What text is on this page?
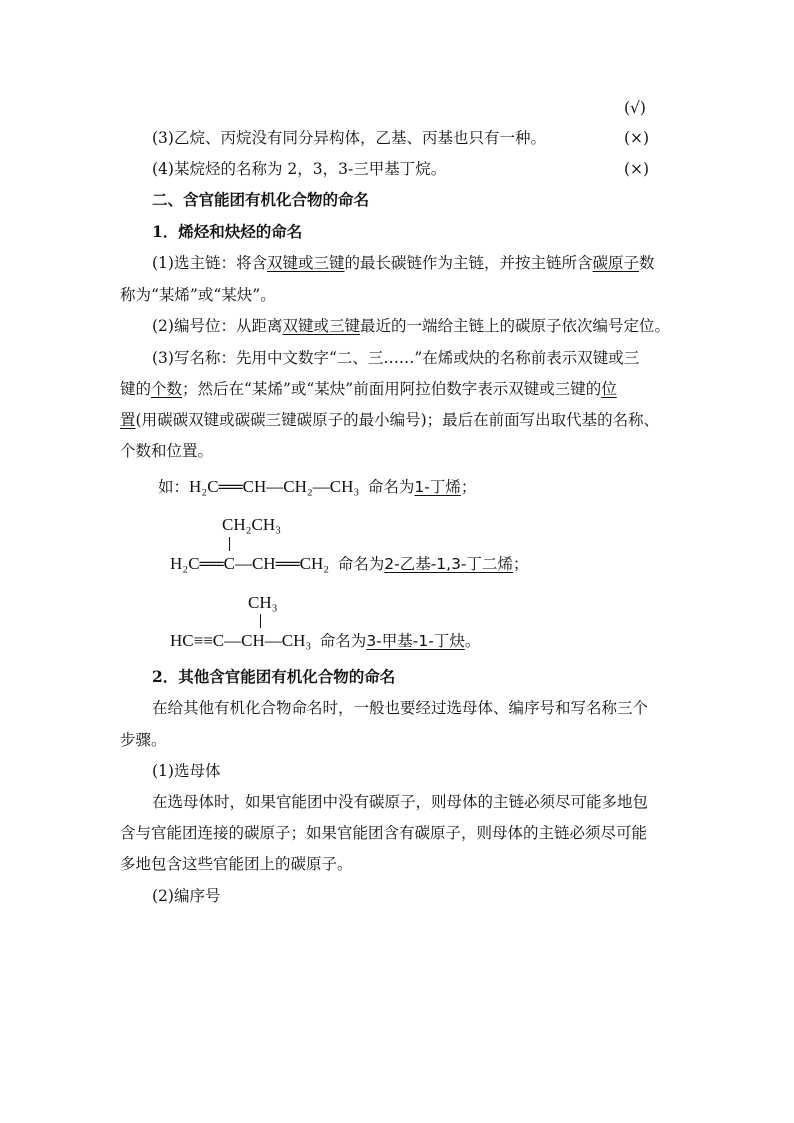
(√)
(3)乙烷、丙烷没有同分异构体，乙基、丙基也只有一种。	(×)
(4)某烷烃的名称为 2，3，3-三甲基丁烷。	(×)
二、含官能团有机化合物的命名
1．烯烃和炔烃的命名
(1)选主链：将含双键或三键的最长碳链作为主链，并按主链所含碳原子数
称为“某烯”或“某炔”。
(2)编号位：从距离双键或三键最近的一端给主链上的碳原子依次编号定位。
(3)写名称：先用中文数字“二、三……”在烯或炔的名称前表示双键或三
键的个数；然后在“某烯”或“某炔”前面用阿拉伯数字表示双键或三键的位
置(用碳碳双键或碳碳三键碳原子的最小编号)；最后在前面写出取代基的名称、
个数和位置。
如：H₂C══CH—CH₂—CH₃ 命名为1-丁烯；
CH₂CH₃
H₂C══C—CH══CH₂ 命名为2-乙基-1,3-丁二烯；
CH₃
HC≡≡C—CH—CH₃ 命名为3-甲基-1-丁炔。
2．其他含官能团有机化合物的命名
在给其他有机化合物命名时，一般也要经过选母体、编序号和写名称三个
步骤。
(1)选母体
在选母体时，如果官能团中没有碳原子，则母体的主链必须尽可能多地包
含与官能团连接的碳原子；如果官能团含有碳原子，则母体的主链必须尽可能
多地包含这些官能团上的碳原子。
(2)编序号
